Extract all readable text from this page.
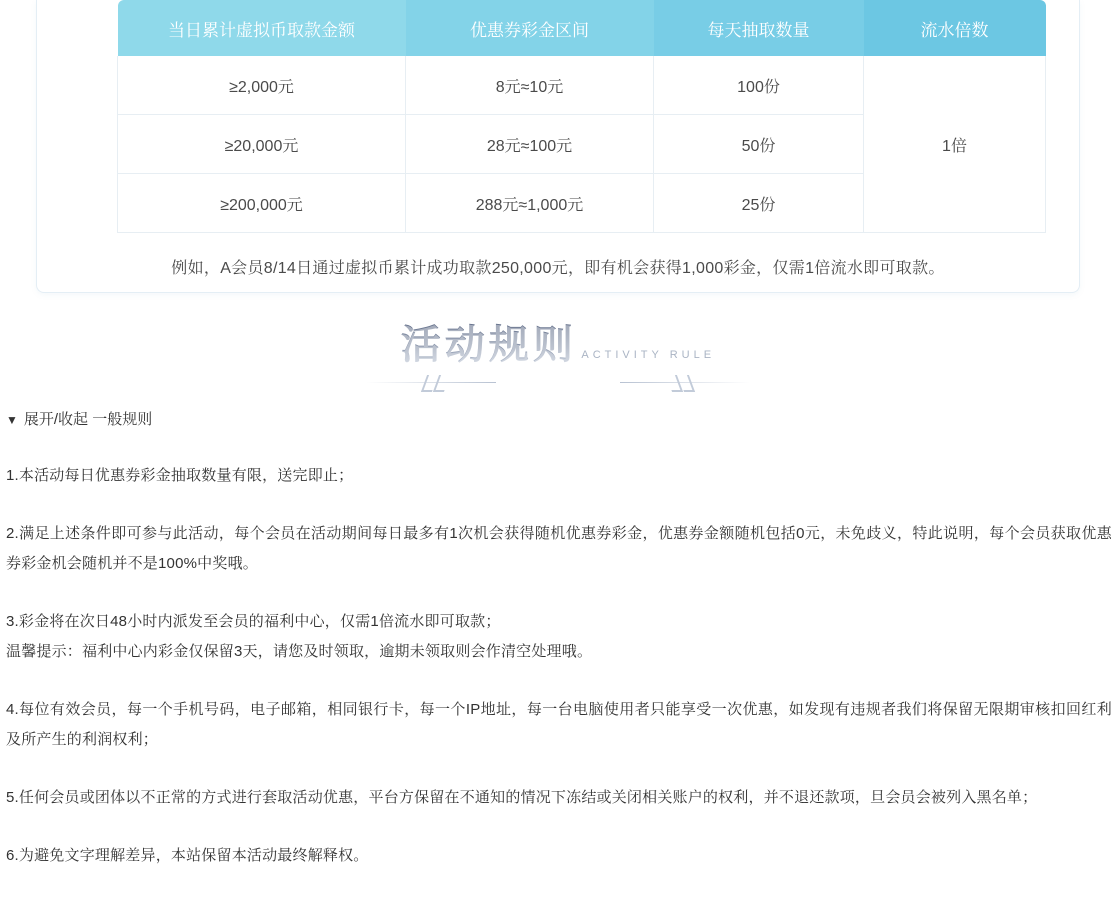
当日累计虚拟币取款金额	优惠券彩金区间	每天抽取数量	流水倍数
≥2,000元	8元≈10元	100份	1倍
≥20,000元	28元≈100元	50份	
≥200,000元	288元≈1,000元	25份	
例如，A会员8/14日通过虚拟币累计成功取款250,000元，即有机会获得1,000彩金，仅需1倍流水即可取款。
活动规则 ACTIVITY RULE
▼ 展开/收起 一般规则

1.本活动每日优惠券彩金抽取数量有限，送完即止；

2.满足上述条件即可参与此活动，每个会员在活动期间每日最多有1次机会获得随机优惠券彩金，优惠券金额随机包括0元，未免歧义，特此说明，每个会员获取优惠券彩金机会随机并不是100%中奖哦。

3.彩金将在次日48小时内派发至会员的福利中心，仅需1倍流水即可取款；
温馨提示：福利中心内彩金仅保留3天，请您及时领取，逾期未领取则会作清空处理哦。

4.每位有效会员，每一个手机号码，电子邮箱，相同银行卡，每一个IP地址，每一台电脑使用者只能享受一次优惠，如发现有违规者我们将保留无限期审核扣回红利及所产生的利润权利；

5.任何会员或团体以不正常的方式进行套取活动优惠，平台方保留在不通知的情况下冻结或关闭相关账户的权利，并不退还款项，旦会员会被列入黑名单；

6.为避免文字理解差异，本站保留本活动最终解释权。
